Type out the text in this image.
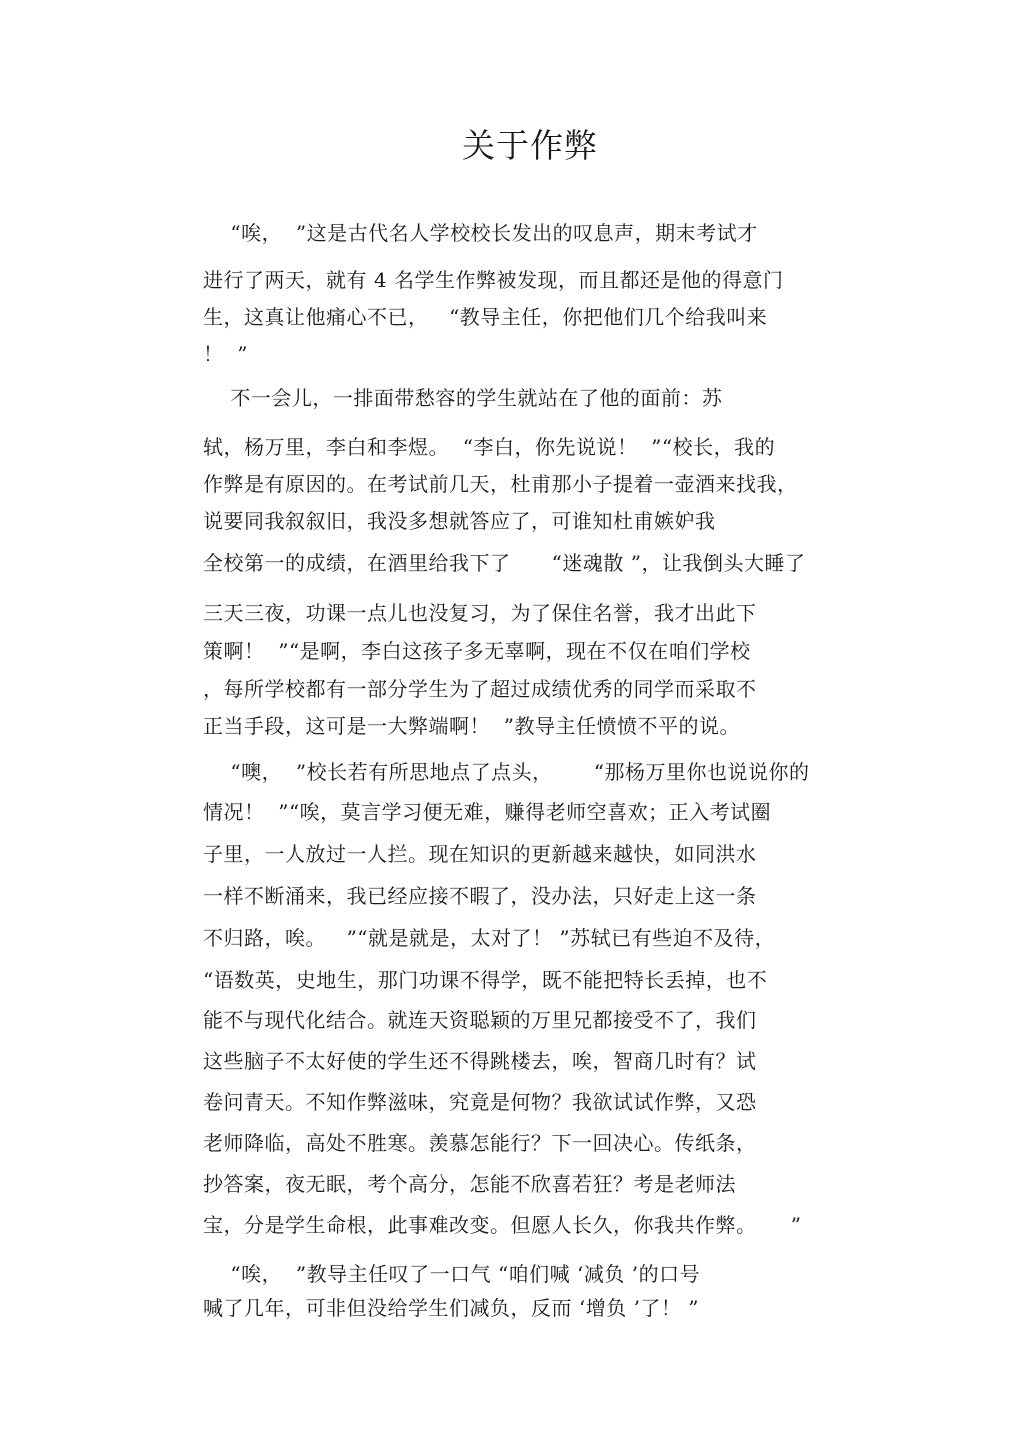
关于作弊
“唉，  ”这是古代名人学校校长发出的叹息声，期末考试才
进行了两天，就有 4 名学生作弊被发现，而且都还是他的得意门
生，这真让他痛心不已，   “教导主任，你把他们几个给我叫来
！  ”
不一会儿，一排面带愁容的学生就站在了他的面前：苏
轼，杨万里，李白和李煜。  “李白，你先说说！  ”“校长，我的
作弊是有原因的。在考试前几天，杜甫那小子提着一壶酒来找我，
说要同我叙叙旧，我没多想就答应了，可谁知杜甫嫉妒我
全校第一的成绩，在酒里给我下了      “迷魂散 ”，让我倒头大睡了
三天三夜，功课一点儿也没复习，为了保住名誉，我才出此下
策啊！  ”“是啊，李白这孩子多无辜啊，现在不仅在咱们学校
，每所学校都有一部分学生为了超过成绩优秀的同学而采取不
正当手段，这可是一大弊端啊！  ”教导主任愤愤不平的说。
“噢，  ”校长若有所思地点了点头，      “那杨万里你也说说你的
情况！  ”“唉，莫言学习便无难，赚得老师空喜欢；正入考试圈
子里，一人放过一人拦。现在知识的更新越来越快，如同洪水
一样不断涌来，我已经应接不暇了，没办法，只好走上这一条
不归路，唉。   ”“就是就是，太对了！ ”苏轼已有些迫不及待，
“语数英，史地生，那门功课不得学，既不能把特长丢掉，也不
能不与现代化结合。就连天资聪颖的万里兄都接受不了，我们
这些脑子不太好使的学生还不得跳楼去，唉，智商几时有？试
卷问青天。不知作弊滋味，究竟是何物？我欲试试作弊，又恐
老师降临，高处不胜寒。羡慕怎能行？下一回决心。传纸条，
抄答案，夜无眠，考个高分，怎能不欣喜若狂？考是老师法
宝，分是学生命根，此事难改变。但愿人长久，你我共作弊。     ”
“唉，  ”教导主任叹了一口气 “咱们喊 ‘减负 ’的口号
喊了几年，可非但没给学生们减负，反而 ‘增负 ’了！ ”
